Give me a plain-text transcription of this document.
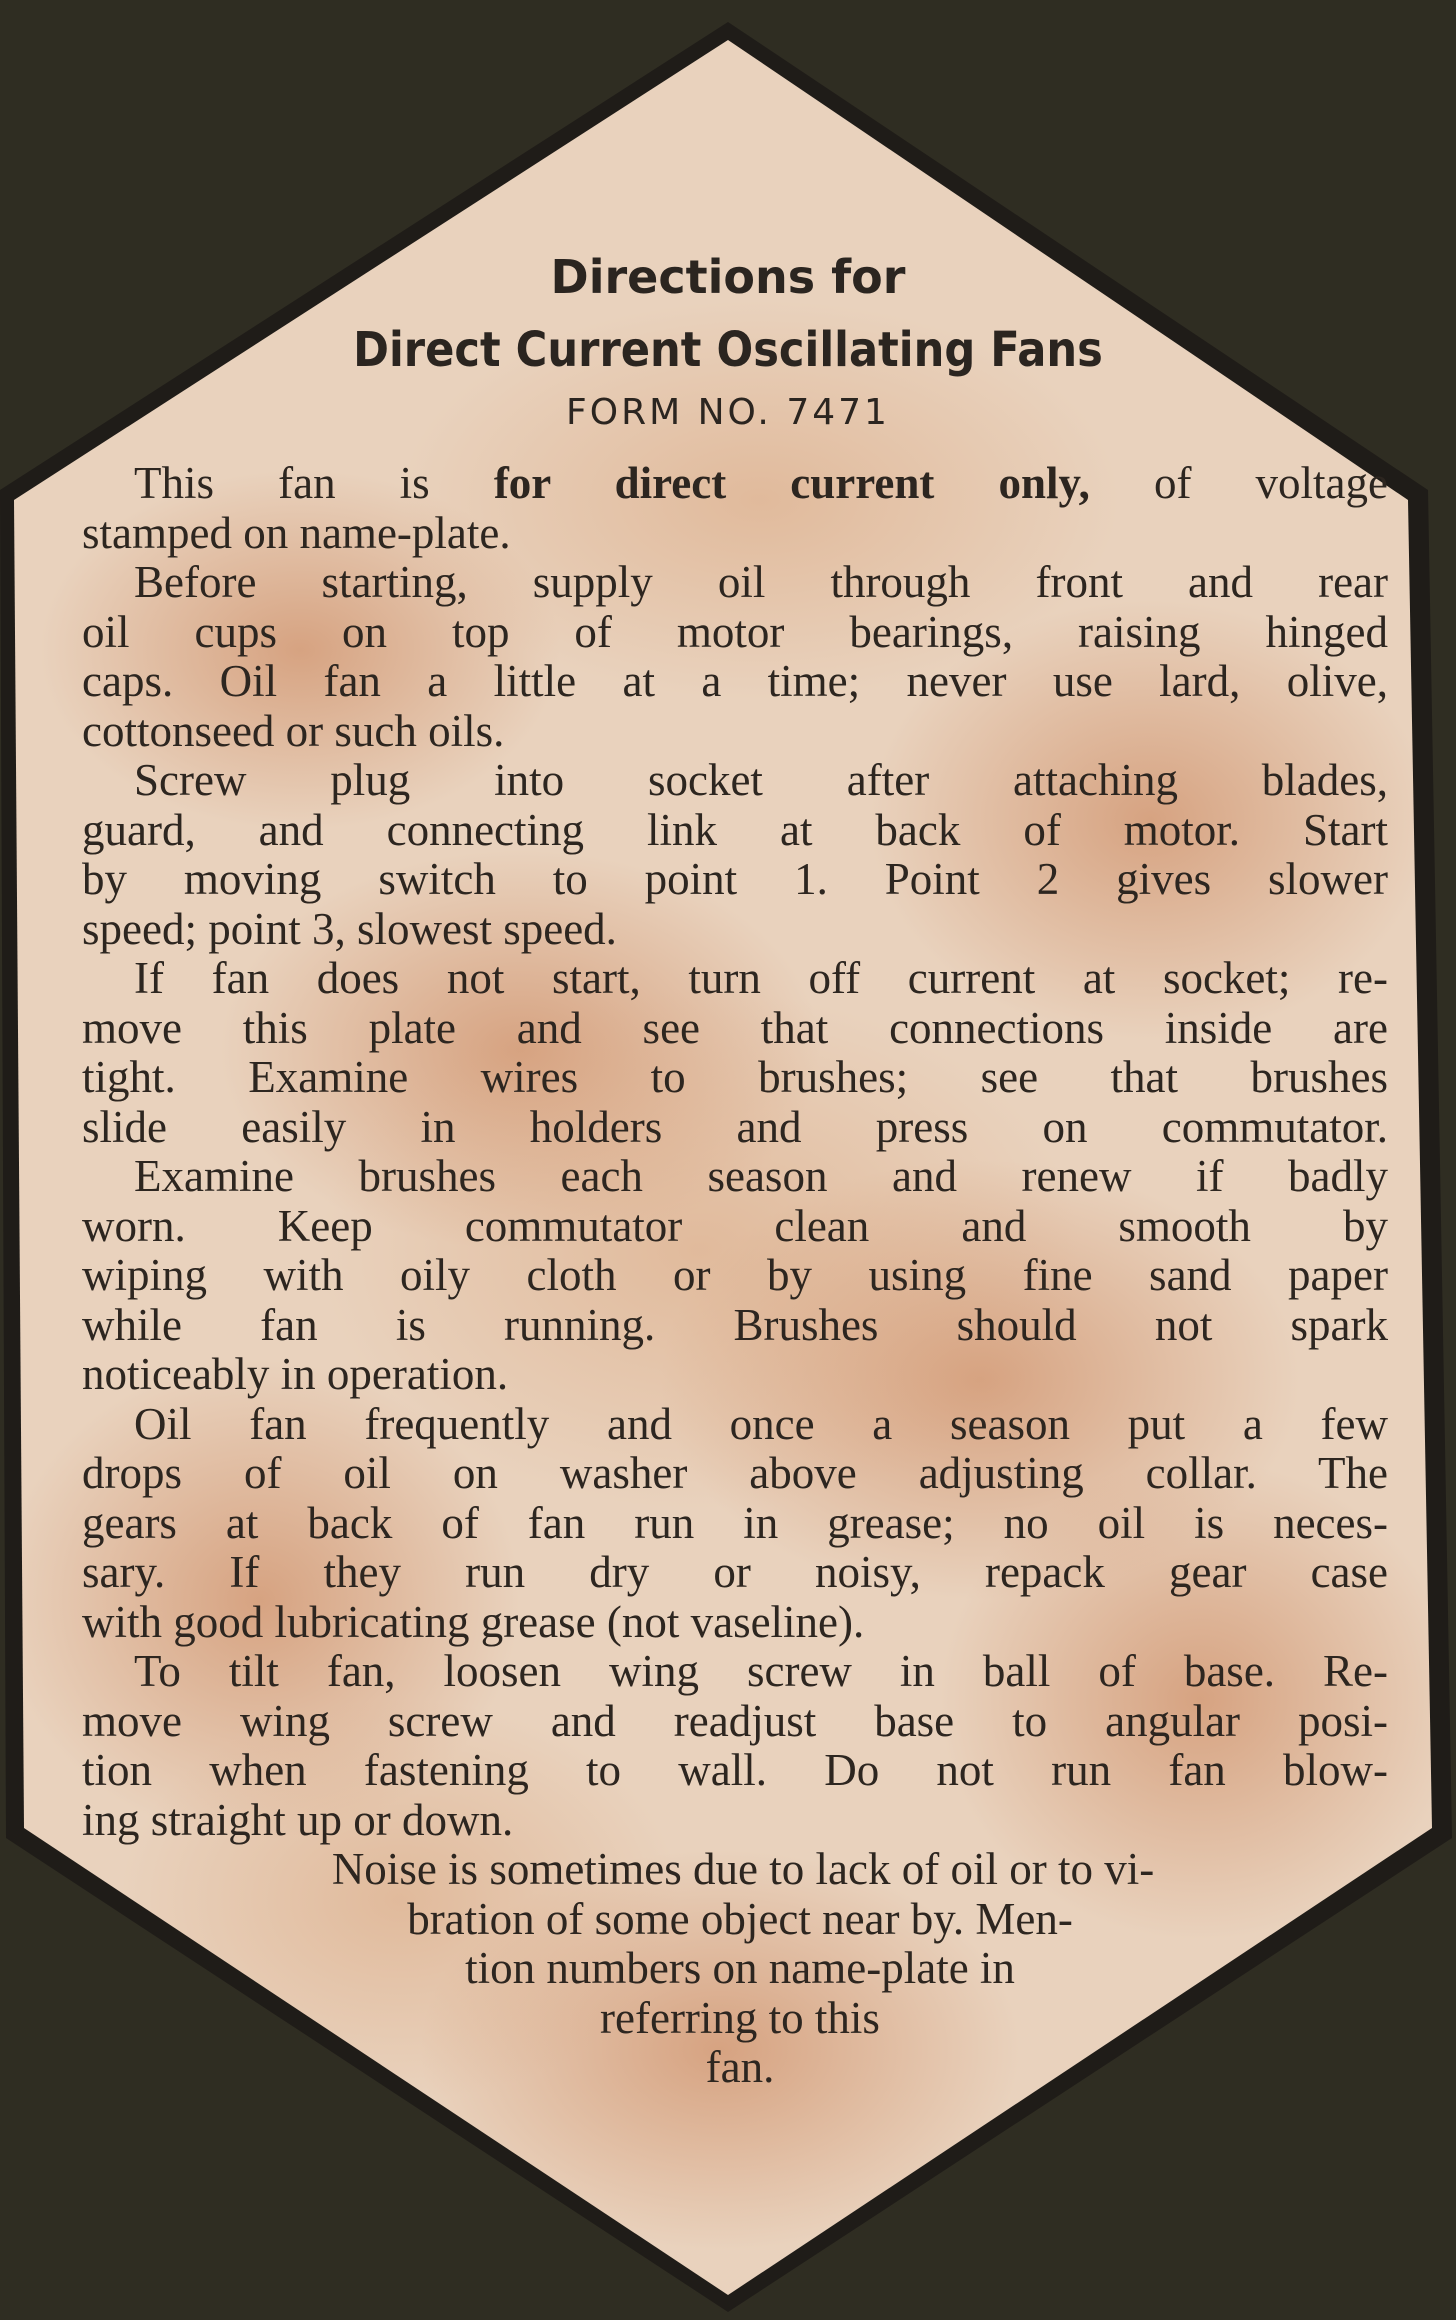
Directions for
Direct Current Oscillating Fans
FORM NO. 7471
This fan is for direct current only, of voltage
stamped on name-plate.
Before starting, supply oil through front and rear
oil cups on top of motor bearings, raising hinged
caps. Oil fan a little at a time; never use lard, olive,
cottonseed or such oils.
Screw plug into socket after attaching blades,
guard, and connecting link at back of motor. Start
by moving switch to point 1. Point 2 gives slower
speed; point 3, slowest speed.
If fan does not start, turn off current at socket; re-
move this plate and see that connections inside are
tight. Examine wires to brushes; see that brushes
slide easily in holders and press on commutator.
Examine brushes each season and renew if badly
worn. Keep commutator clean and smooth by
wiping with oily cloth or by using fine sand paper
while fan is running. Brushes should not spark
noticeably in operation.
Oil fan frequently and once a season put a few
drops of oil on washer above adjusting collar. The
gears at back of fan run in grease; no oil is neces-
sary. If they run dry or noisy, repack gear case
with good lubricating grease (not vaseline).
To tilt fan, loosen wing screw in ball of base. Re-
move wing screw and readjust base to angular posi-
tion when fastening to wall. Do not run fan blow-
ing straight up or down.
Noise is sometimes due to lack of oil or to vi-
bration of some object near by. Men-
tion numbers on name-plate in
referring to this
fan.
